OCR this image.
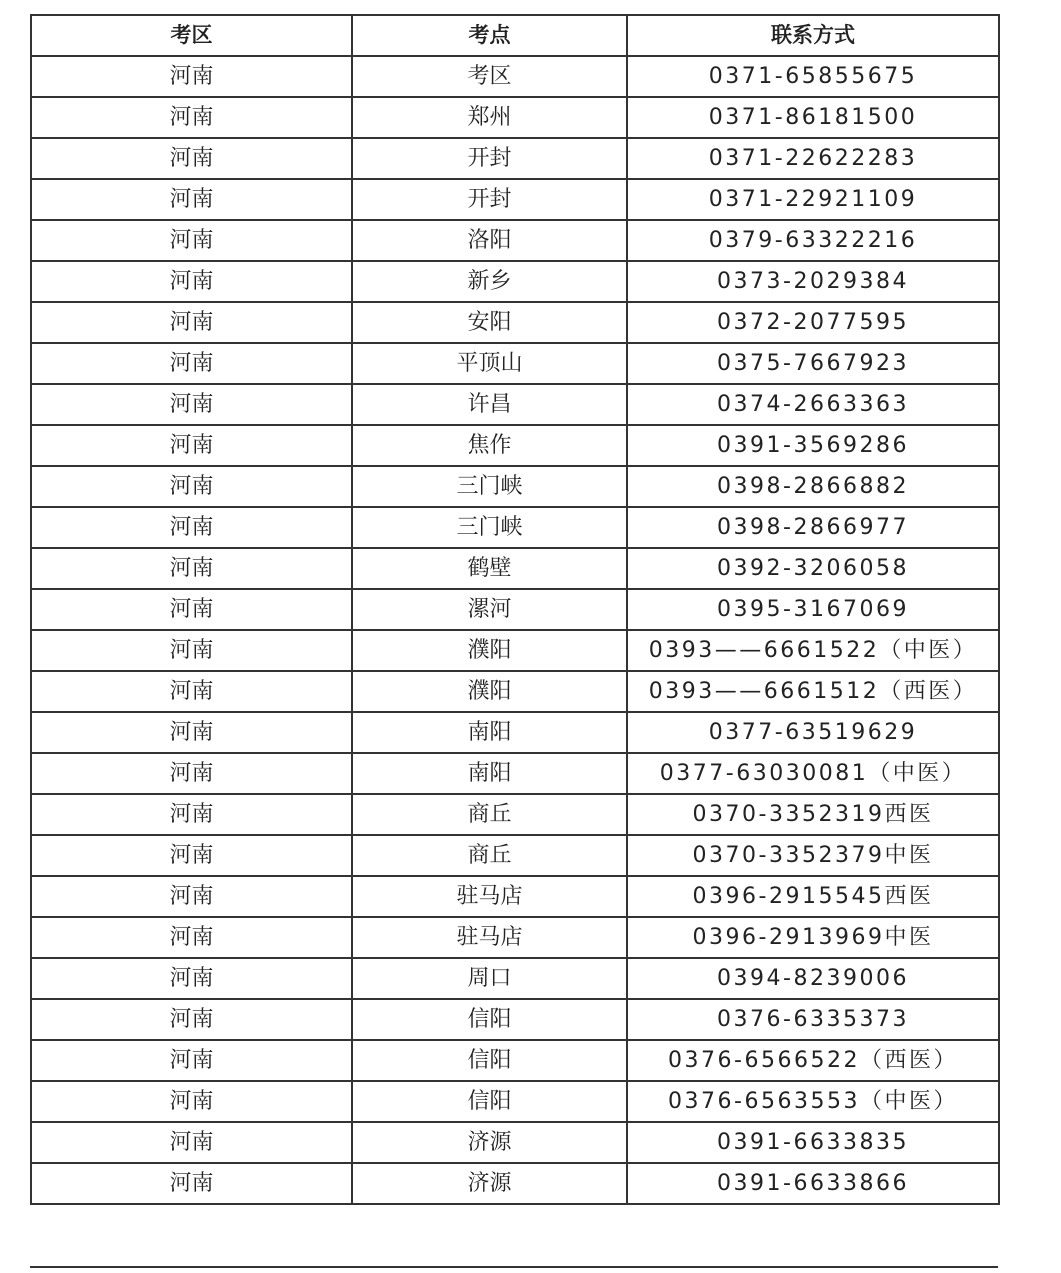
考区	考点	联系方式
河南	考区	0371-65855675
河南	郑州	0371-86181500
河南	开封	0371-22622283
河南	开封	0371-22921109
河南	洛阳	0379-63322216
河南	新乡	0373-2029384
河南	安阳	0372-2077595
河南	平顶山	0375-7667923
河南	许昌	0374-2663363
河南	焦作	0391-3569286
河南	三门峡	0398-2866882
河南	三门峡	0398-2866977
河南	鹤壁	0392-3206058
河南	漯河	0395-3167069
河南	濮阳	0393——6661522（中医）
河南	濮阳	0393——6661512（西医）
河南	南阳	0377-63519629
河南	南阳	0377-63030081（中医）
河南	商丘	0370-3352319西医
河南	商丘	0370-3352379中医
河南	驻马店	0396-2915545西医
河南	驻马店	0396-2913969中医
河南	周口	0394-8239006
河南	信阳	0376-6335373
河南	信阳	0376-6566522（西医）
河南	信阳	0376-6563553（中医）
河南	济源	0391-6633835
河南	济源	0391-6633866
